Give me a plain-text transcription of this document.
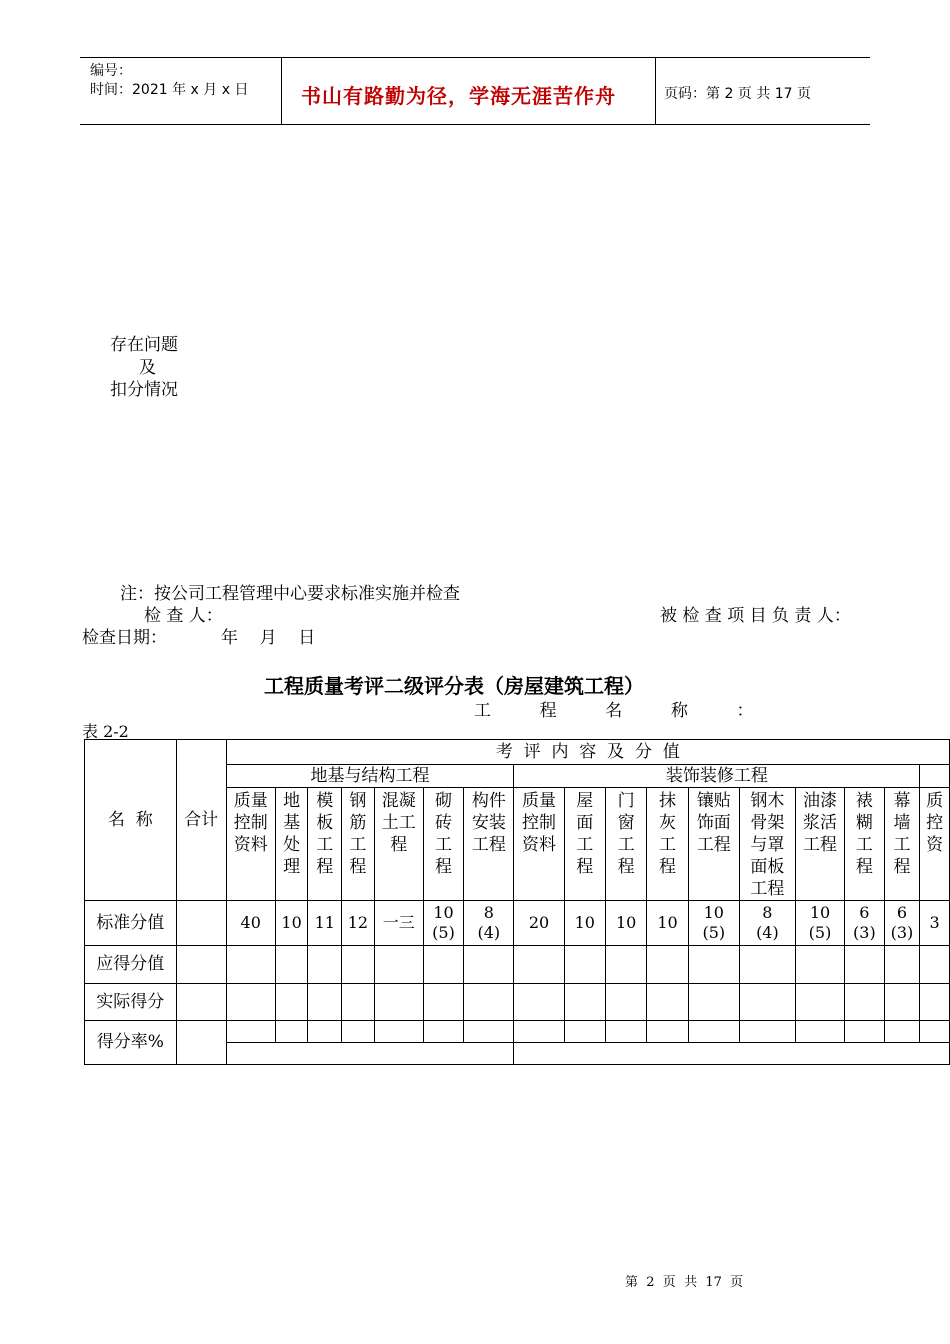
编号：
时间：2021 年 x 月 x 日	书山有路勤为径，学海无涯苦作舟	页码：第 2 页 共 17 页
存在问题
及
扣分情况
注：按公司工程管理中心要求标准实施并检查
检 查 人：	被 检 查 项 目 负 责 人：
检查日期：          年    月    日
工程质量考评二级评分表（房屋建筑工程）
工         程         名         称         ：
表 2-2
名  称	合计	考  评  内  容  及  分  值																
		地基与结构工程							装饰装修工程									

		质量
控制
资料	地
基
处
理	模
板
工
程	钢
筋
工
程	混凝
土工
程	砌
砖
工
程	构件
安装
工程	质量
控制
资料	屋
面
工
程	门
窗
工
程	抹
灰
工
程	镶贴
饰面
工程	钢木
骨架
与罩
面板
工程	油漆
浆活
工程	裱
糊
工
程	幕
墙
工
程	质
控
资

标准分值		40	10	11	12	一三	10
(5)	8
(4)	20	10	10	10	10
(5)	8
(4)	10
(5)	6
(3)	6
(3)	3

应得分值																		
实际得分																		
得分率%																		

第  2  页  共  17  页
